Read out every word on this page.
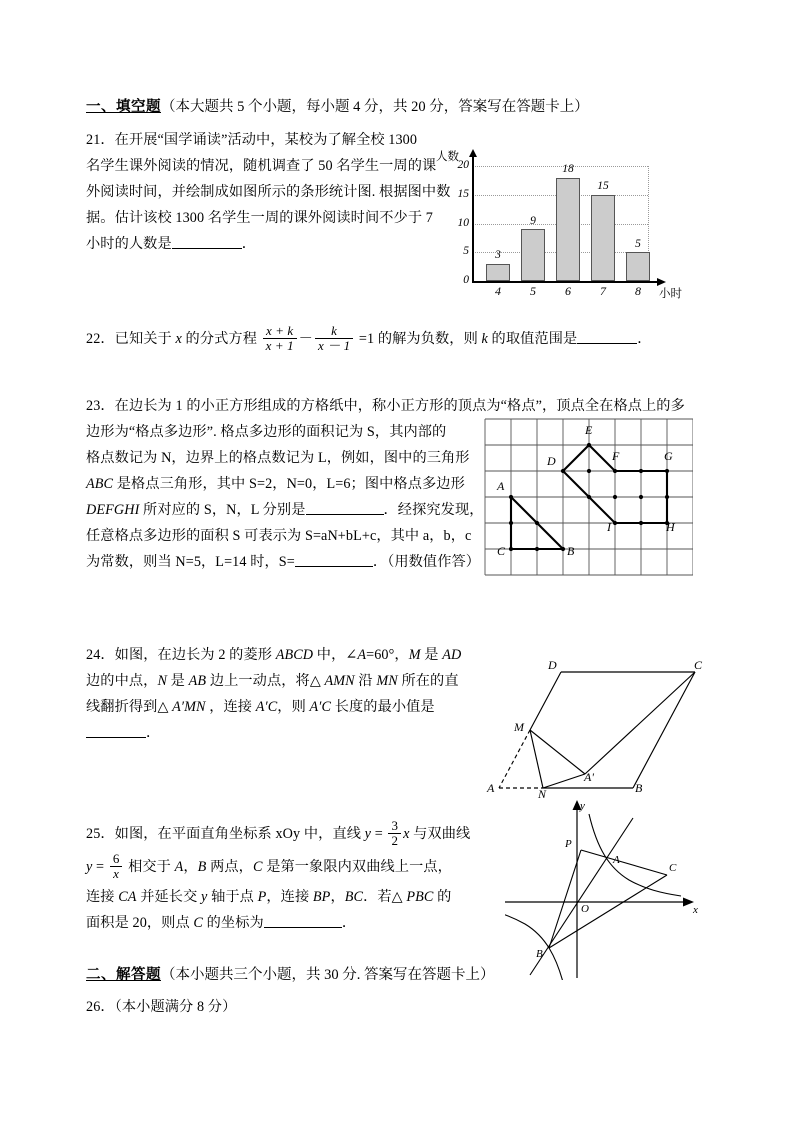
一、填空题（本大题共 5 个小题，每小题 4 分，共 20 分，答案写在答题卡上）
21．在开展“国学诵读”活动中，某校为了解全校 1300
名学生课外阅读的情况，随机调查了 50 名学生一周的课
外阅读时间，并绘制成如图所示的条形统计图. 根据图中数
据。估计该校 1300 名学生一周的课外阅读时间不少于 7
小时的人数是	．
人数
20
15
10
5
0
3
9
18
15
5
4	5	6	7	8	小时
22．已知关于 x 的分式方程 $\frac{x + k}{x + 1} - \frac{k}{x - 1} =1$ 的解为负数，则 k 的取值范围是	．
23．在边长为 1 的小正方形组成的方格纸中，称小正方形的顶点为“格点”，顶点全在格点上的多
边形为“格点多边形”. 格点多边形的面积记为 S，其内部的
格点数记为 N，边界上的格点数记为 L，例如，图中的三角形
ABC 是格点三角形，其中 S=2，N=0，L=6；图中格点多边形
DEFGHI 所对应的 S，N，L 分别是	．经探究发现，
任意格点多边形的面积 S 可表示为 S=aN+bL+c，其中 a，b，c
为常数，则当 N=5，L=14 时，S=	．（用数值作答）
A
B
C
D
E
F	G
H
I
24．如图，在边长为 2 的菱形 ABCD 中，∠A=60°，M 是 AD
边的中点，N 是 AB 边上一动点，将△ AMN 沿 MN 所在的直
线翻折得到△ A′MN ，连接 A′C，则 A′C 长度的最小值是
．
A	B
C
D
M
N
A'
25．如图，在平面直角坐标系 xOy 中，直线 $y = \frac{3}{2}$ x 与双曲线
$y = \frac{6}{x}$ 相交于 A，B 两点，C 是第一象限内双曲线上一点，
连接 CA 并延长交 y 轴于点 P，连接 BP，BC．若△ PBC 的
面积是 20，则点 C 的坐标为	．
y
x
O
P
A
B
C
二、解答题（本小题共三个小题，共 30 分. 答案写在答题卡上）
26．（本小题满分 8 分）
